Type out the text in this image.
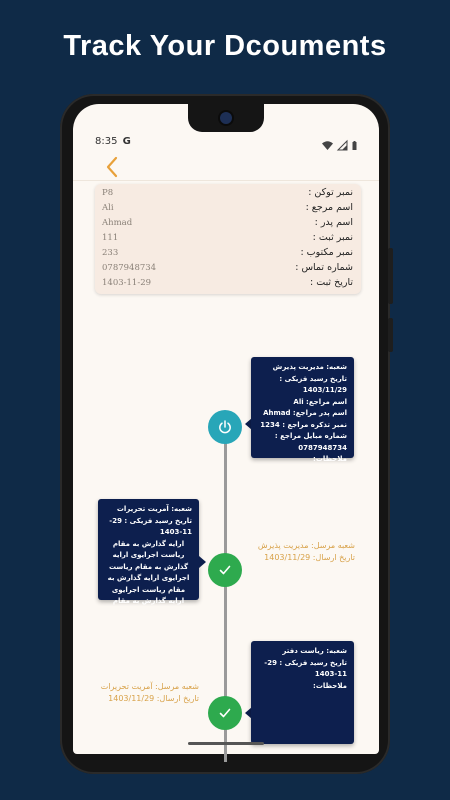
Track Your Dcouments
8:35 G

نمبر توکن :
P8
اسم مرجع :
Ali
اسم پدر :
Ahmad
نمبر ثبت :
111
نمبر مکتوب :
233
شماره تماس :
0787948734
تاریخ ثبت :
1403-11-29

شعبه: مدیریت پذیرش

تاریخ رسید فزیکی : 1403/11/29

اسم مراجع: Ali

اسم پدر مراجع: Ahmad

نمبر تذکره مراجع : 1234

شماره مبایل مراجع : 0787948734

ملاحظات:

شعبه: آمریت تحریرات

تاریخ رسید فزیکی : 29-11-1403

ارایه گذارش به مقام

ریاست اجرایوی ارایه

گذارش به مقام ریاست

اجرایوی ارایه گذارش به

مقام ریاست اجرایوی

ارایه گذارش به مقام

شعبه مرسل: مدیریت پذیرش
تاریخ ارسال: 1403/11/29

شعبه: ریاست دفتر

تاریخ رسید فزیکی : 29-11-1403

ملاحظات:

شعبه مرسل: آمریت تحریرات
تاریخ ارسال: 1403/11/29
